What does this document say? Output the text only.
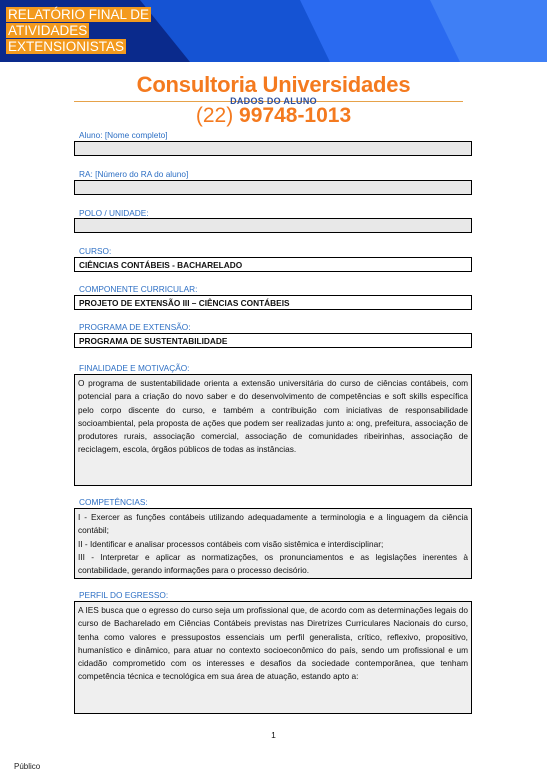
RELATÓRIO FINAL DE
ATIVIDADES
EXTENSIONISTAS
Consultoria Universidades
(22) 99748-1013
DADOS DO ALUNO
Aluno: [Nome completo]
RA: [Número do RA do aluno]
POLO / UNIDADE:
CURSO:
CIÊNCIAS CONTÁBEIS - BACHARELADO
COMPONENTE CURRICULAR:
PROJETO DE EXTENSÃO III – CIÊNCIAS CONTÁBEIS
PROGRAMA DE EXTENSÃO:
PROGRAMA DE SUSTENTABILIDADE
FINALIDADE E MOTIVAÇÃO:

O programa de sustentabilidade orienta a extensão universitária do curso de ciências contábeis, com potencial para a criação do novo saber e do desenvolvimento de competências e soft skills específica pelo corpo discente do curso, e também a contribuição com iniciativas de responsabilidade socioambiental, pela proposta de ações que podem ser realizadas junto a: ong, prefeitura, associação de produtores rurais, associação comercial, associação de comunidades ribeirinhas, associação de reciclagem, escola, órgãos públicos de todas as instâncias.

COMPETÊNCIAS:

I - Exercer as funções contábeis utilizando adequadamente a terminologia e a linguagem da ciência contábil;

II - Identificar e analisar processos contábeis com visão sistêmica e interdisciplinar;

III - Interpretar e aplicar as normatizações, os pronunciamentos e as legislações inerentes à contabilidade, gerando informações para o processo decisório.

PERFIL DO EGRESSO:

A IES busca que o egresso do curso seja um profissional que, de acordo com as determinações legais do curso de Bacharelado em Ciências Contábeis previstas nas Diretrizes Curriculares Nacionais do curso, tenha como valores e pressupostos essenciais um perfil generalista, crítico, reflexivo, propositivo, humanístico e dinâmico, para atuar no contexto socioeconômico do país, sendo um profissional e um cidadão comprometido com os interesses e desafios da sociedade contemporânea, que tenham competência técnica e tecnológica em sua área de atuação, estando apto a:

1
Público
